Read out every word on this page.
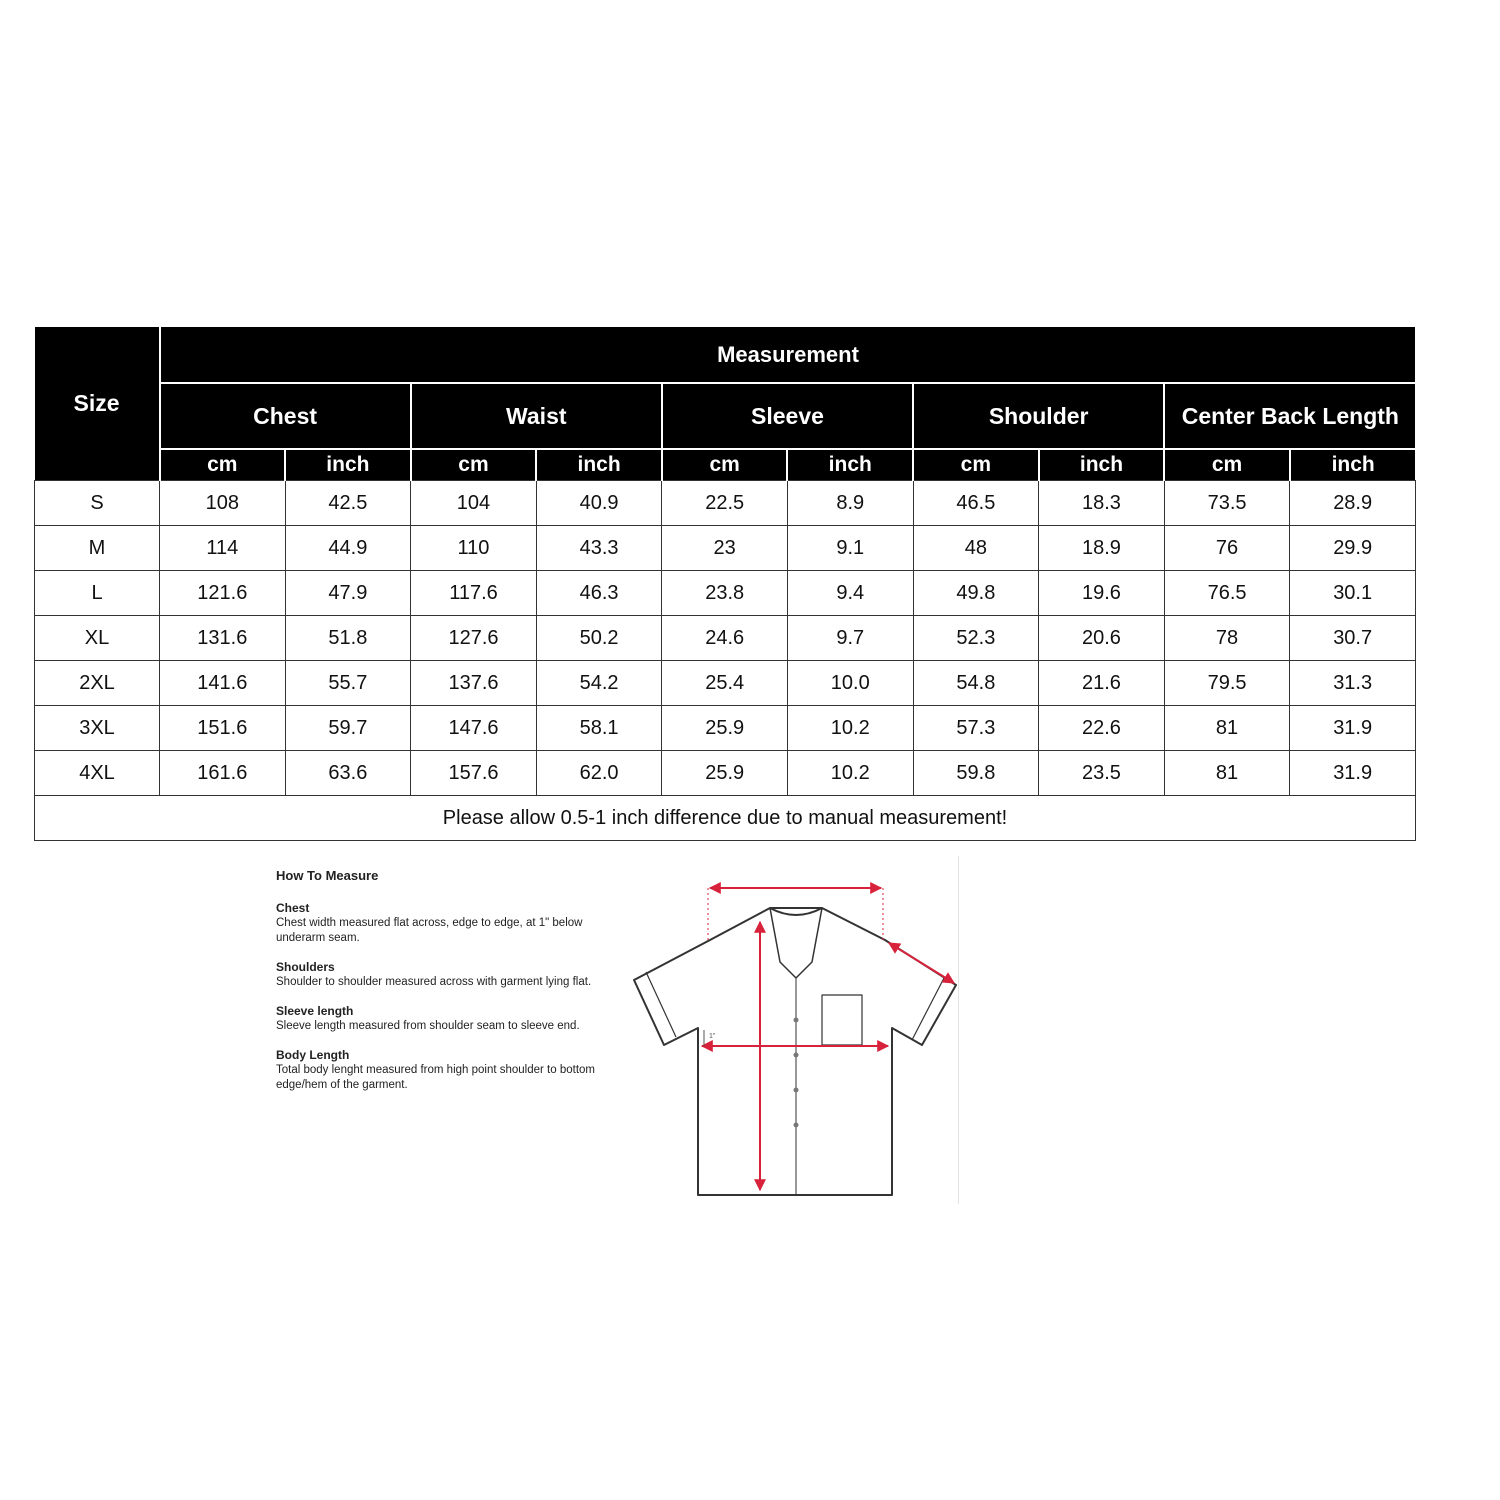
Size	Measurement									
	Chest		Waist		Sleeve		Shoulder		Center Back Length	
	cm	inch	cm	inch	cm	inch	cm	inch	cm	inch
S	108	42.5	104	40.9	22.5	8.9	46.5	18.3	73.5	28.9
M	114	44.9	110	43.3	23	9.1	48	18.9	76	29.9
L	121.6	47.9	117.6	46.3	23.8	9.4	49.8	19.6	76.5	30.1
XL	131.6	51.8	127.6	50.2	24.6	9.7	52.3	20.6	78	30.7
2XL	141.6	55.7	137.6	54.2	25.4	10.0	54.8	21.6	79.5	31.3
3XL	151.6	59.7	147.6	58.1	25.9	10.2	57.3	22.6	81	31.9
4XL	161.6	63.6	157.6	62.0	25.9	10.2	59.8	23.5	81	31.9
Please allow 0.5-1 inch difference due to manual measurement!										
How To Measure
Chest
Chest width measured flat across, edge to edge, at 1" below underarm seam.
Shoulders
Shoulder to shoulder measured across with garment lying flat.
Sleeve length
Sleeve length measured from shoulder seam to sleeve end.
Body Length
Total body lenght measured from high point shoulder to bottom edge/hem of the garment.
1"
